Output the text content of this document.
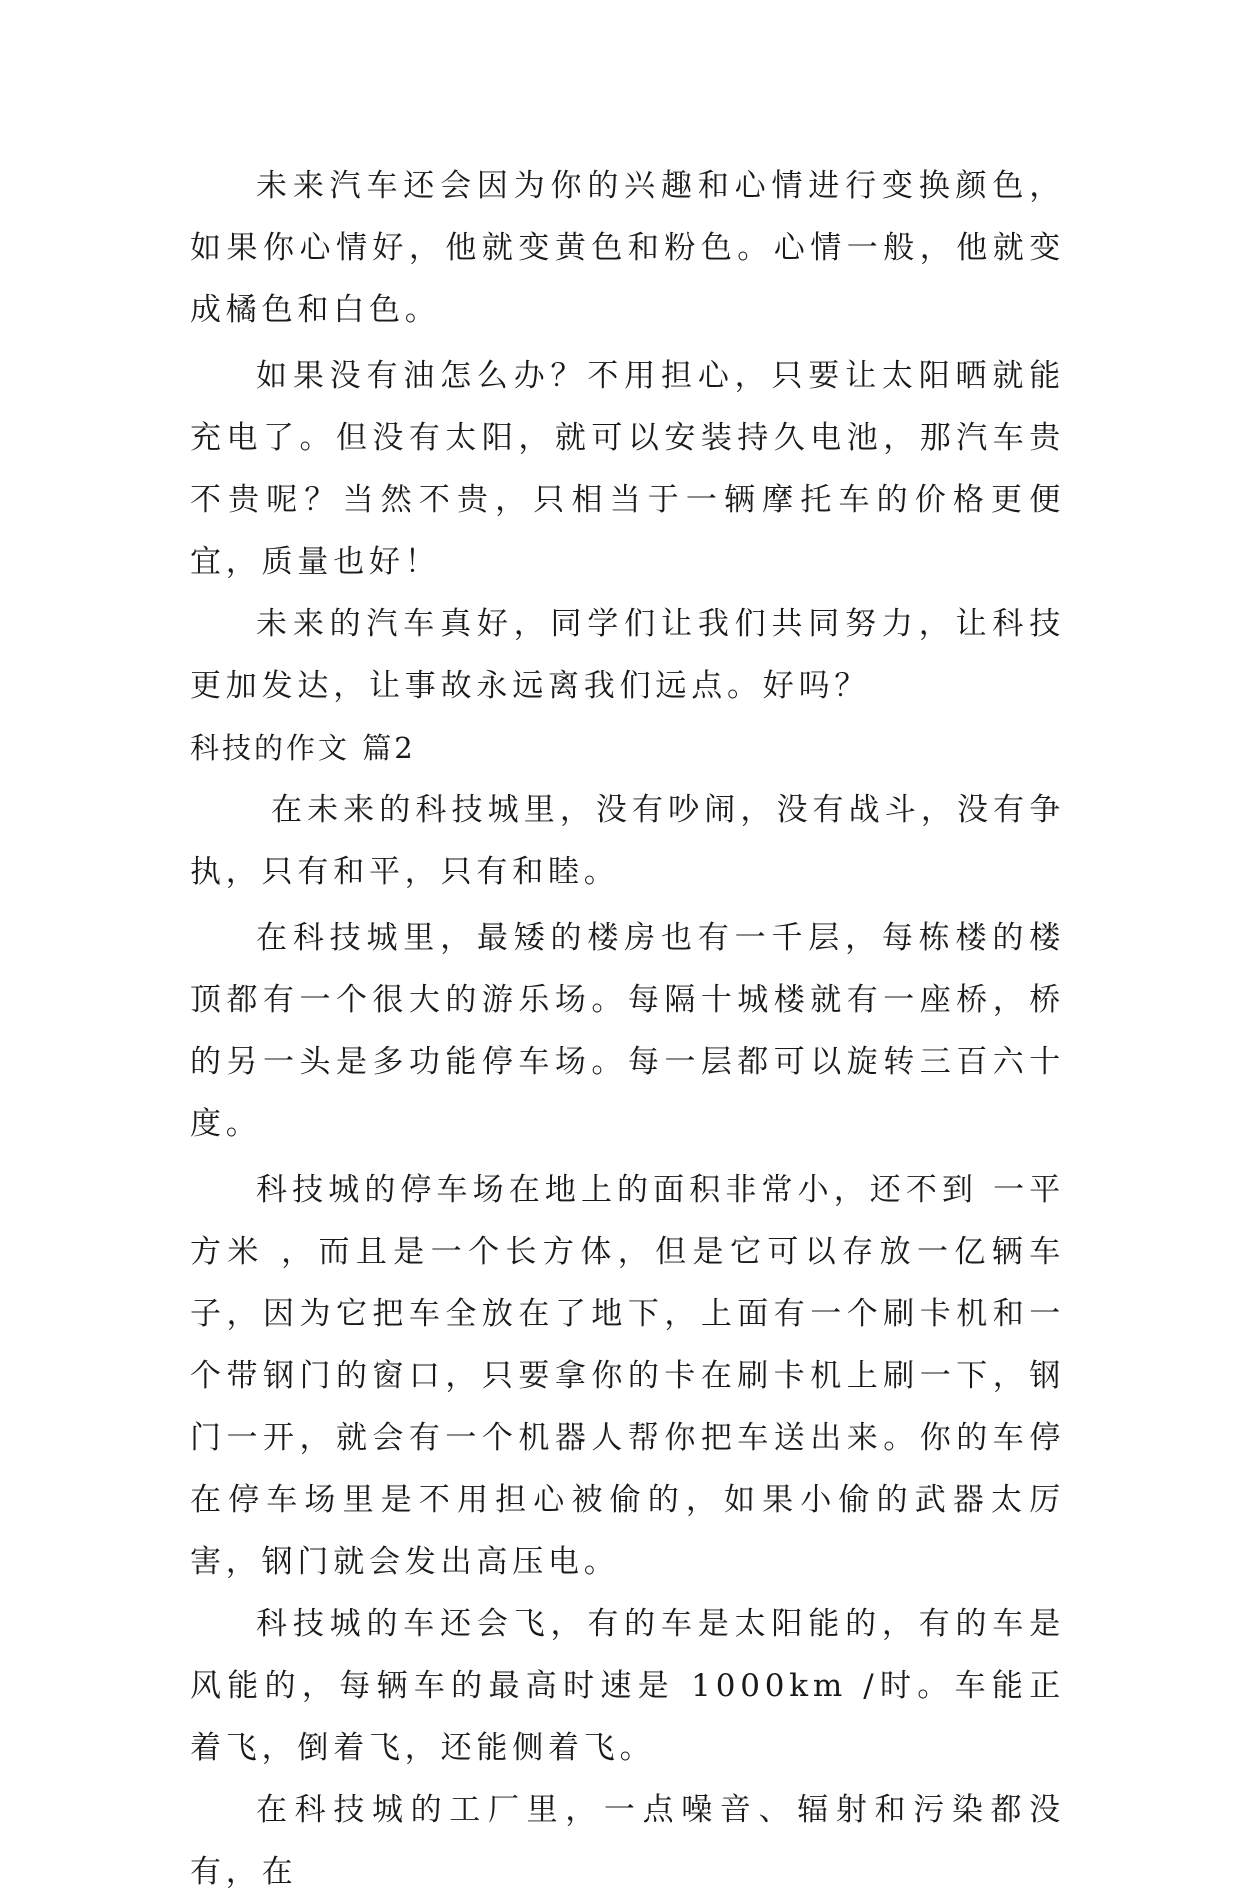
未来汽车还会因为你的兴趣和心情进行变换颜色，如果你心情好，他就变黄色和粉色。心情一般，他就变成橘色和白色。

如果没有油怎么办？不用担心，只要让太阳晒就能充电了。但没有太阳，就可以安装持久电池，那汽车贵不贵呢？当然不贵，只相当于一辆摩托车的价格更便宜，质量也好！

未来的汽车真好，同学们让我们共同努力，让科技更加发达，让事故永远离我们远点。好吗？

科技的作文 篇2

在未来的科技城里，没有吵闹，没有战斗，没有争执，只有和平，只有和睦。

在科技城里，最矮的楼房也有一千层，每栋楼的楼顶都有一个很大的游乐场。每隔十城楼就有一座桥，桥的另一头是多功能停车场。每一层都可以旋转三百六十度。

科技城的停车场在地上的面积非常小，还不到 一平方米 ，而且是一个长方体，但是它可以存放一亿辆车子，因为它把车全放在了地下，上面有一个刷卡机和一个带钢门的窗口，只要拿你的卡在刷卡机上刷一下，钢门一开，就会有一个机器人帮你把车送出来。你的车停在停车场里是不用担心被偷的，如果小偷的武器太厉害，钢门就会发出高压电。

科技城的车还会飞，有的车是太阳能的，有的车是风能的，每辆车的最高时速是 1000km /时。车能正着飞，倒着飞，还能侧着飞。

在科技城的工厂里，一点噪音、辐射和污染都没有，在
